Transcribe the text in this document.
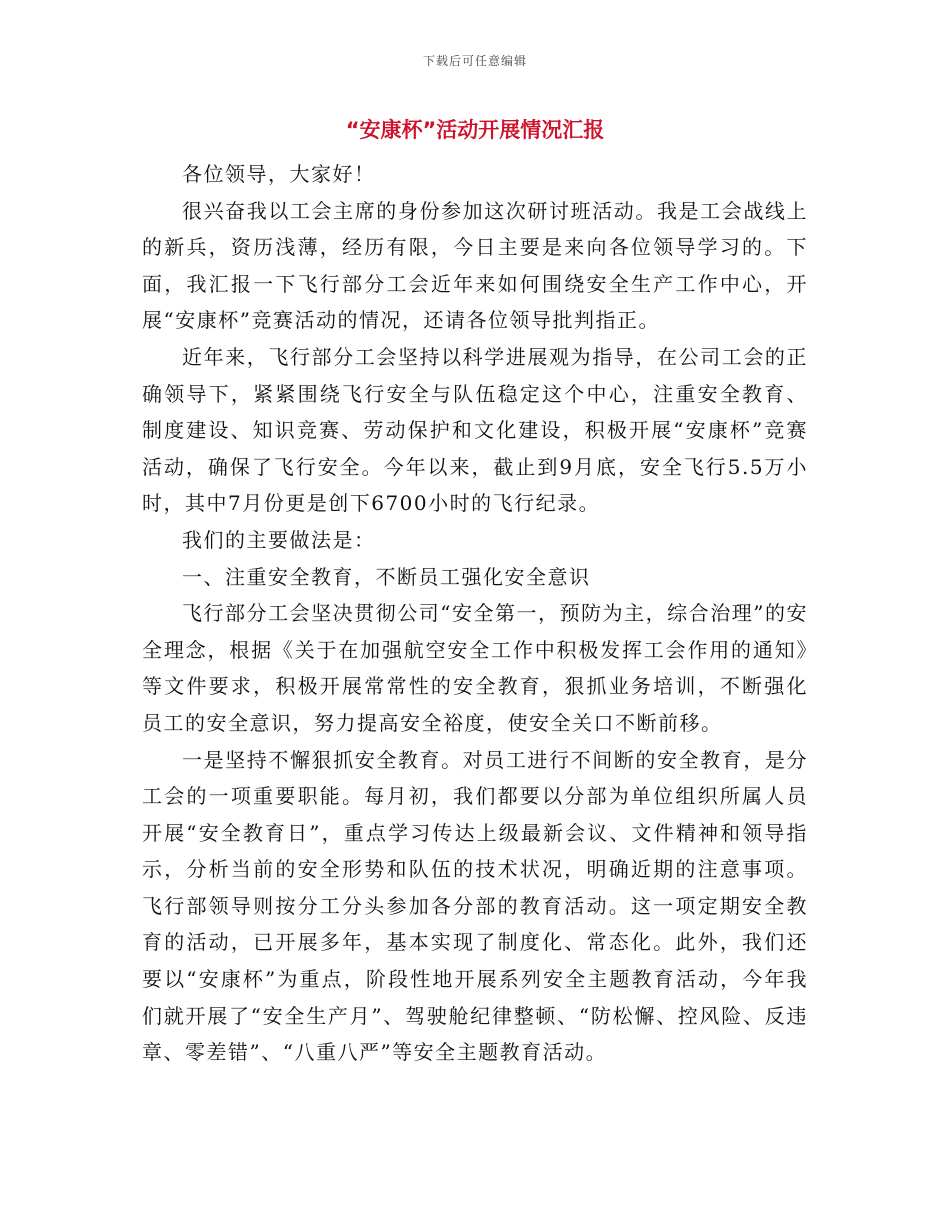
下载后可任意编辑
“安康杯”活动开展情况汇报

各位领导，大家好！

很兴奋我以工会主席的身份参加这次研讨班活动。我是工会战线上的新兵，资历浅薄，经历有限，今日主要是来向各位领导学习的。下面，我汇报一下飞行部分工会近年来如何围绕安全生产工作中心，开展“安康杯”竞赛活动的情况，还请各位领导批判指正。

近年来，飞行部分工会坚持以科学进展观为指导，在公司工会的正确领导下，紧紧围绕飞行安全与队伍稳定这个中心，注重安全教育、制度建设、知识竞赛、劳动保护和文化建设，积极开展“安康杯”竞赛活动，确保了飞行安全。今年以来，截止到9月底，安全飞行5.5万小时，其中7月份更是创下6700小时的飞行纪录。

我们的主要做法是：

一、注重安全教育，不断员工强化安全意识

飞行部分工会坚决贯彻公司“安全第一，预防为主，综合治理”的安全理念，根据《关于在加强航空安全工作中积极发挥工会作用的通知》等文件要求，积极开展常常性的安全教育，狠抓业务培训，不断强化员工的安全意识，努力提高安全裕度，使安全关口不断前移。

一是坚持不懈狠抓安全教育。对员工进行不间断的安全教育，是分工会的一项重要职能。每月初，我们都要以分部为单位组织所属人员开展“安全教育日”，重点学习传达上级最新会议、文件精神和领导指示，分析当前的安全形势和队伍的技术状况，明确近期的注意事项。飞行部领导则按分工分头参加各分部的教育活动。这一项定期安全教育的活动，已开展多年，基本实现了制度化、常态化。此外，我们还要以“安康杯”为重点，阶段性地开展系列安全主题教育活动，今年我们就开展了“安全生产月”、驾驶舱纪律整顿、“防松懈、控风险、反违章、零差错”、“八重八严”等安全主题教育活动。
